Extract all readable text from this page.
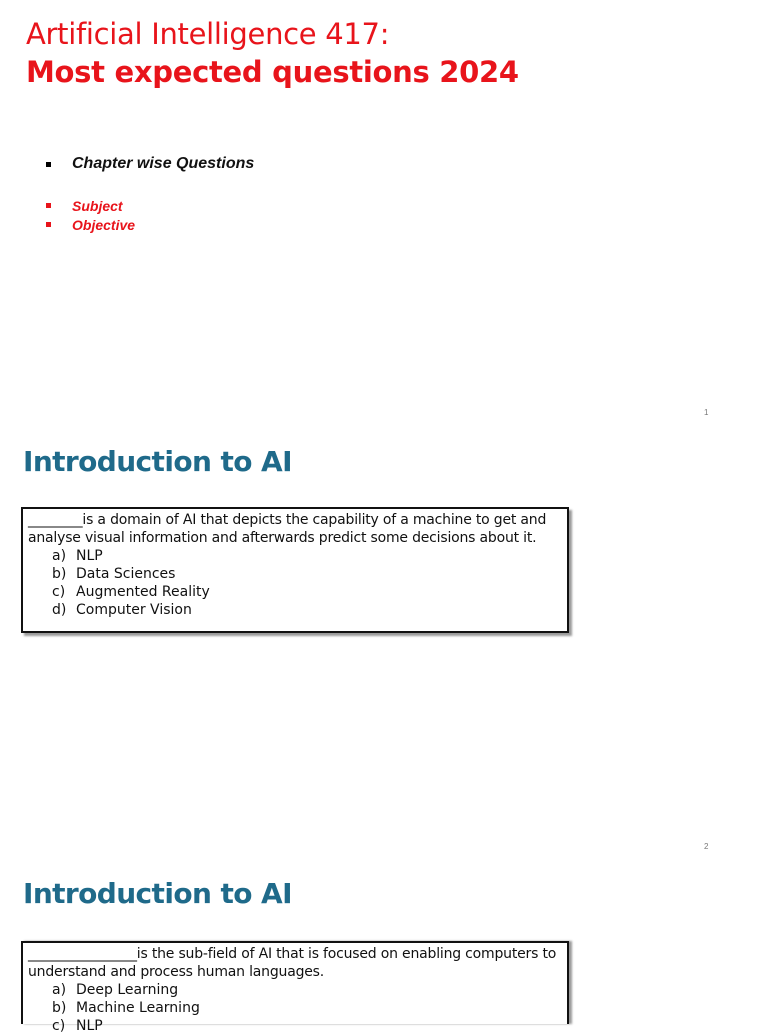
Artificial Intelligence 417:
Most expected questions 2024
Chapter wise Questions
Subject
Objective
1
Introduction to AI

________is a domain of AI that depicts the capability of a machine to get and analyse visual information and afterwards predict some decisions about it.

a) NLP
b) Data Sciences
c) Augmented Reality
d) Computer Vision
2
Introduction to AI

________________is the sub-field of AI that is focused on enabling computers to understand and process human languages.

a) Deep Learning
b) Machine Learning
c) NLP
